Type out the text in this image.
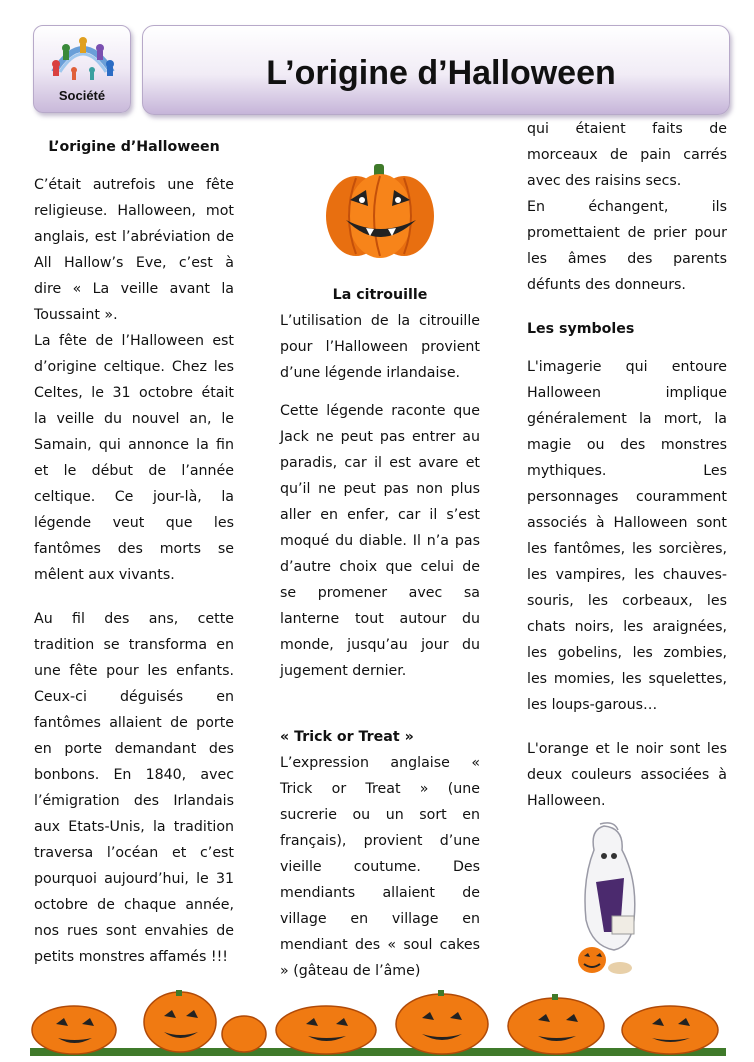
Société
L’origine d’Halloween
L’origine d’Halloween

C’était autrefois une fête religieuse. Halloween, mot anglais, est l’abréviation de All Hallow’s Eve, c’est à dire « La veille avant la Toussaint ».

La fête de l’Halloween est d’origine celtique. Chez les Celtes, le 31 octobre était la veille du nouvel an, le Samain, qui annonce la fin et le début de l’année celtique. Ce jour-là, la légende veut que les fantômes des morts se mêlent aux vivants.

Au fil des ans, cette tradition se transforma en une fête pour les enfants. Ceux-ci déguisés en fantômes allaient de porte en porte demandant des bonbons. En 1840, avec l’émigration des Irlandais aux Etats-Unis, la tradition traversa l’océan et c’est pourquoi aujourd’hui, le 31 octobre de chaque année, nos rues sont envahies de petits monstres affamés !!!

La citrouille

L’utilisation de la citrouille pour l’Halloween provient d’une légende irlandaise.

Cette légende raconte que Jack ne peut pas entrer au paradis, car il est avare et qu’il ne peut pas non plus aller en enfer, car il s’est moqué du diable. Il n’a pas d’autre choix que celui de se promener avec sa lanterne tout autour du monde, jusqu’au jour du jugement dernier.

« Trick or Treat »

L’expression anglaise « Trick or Treat » (une sucrerie ou un sort en français), provient d’une vieille coutume. Des mendiants allaient de village en village en mendiant des « soul cakes » (gâteau de l’âme)

qui étaient faits de morceaux de pain carrés avec des raisins secs.

En échangent, ils promettaient de prier pour les âmes des parents défunts des donneurs.

Les symboles

L'imagerie qui entoure Halloween implique généralement la mort, la magie ou des monstres mythiques. Les personnages couramment associés à Halloween sont les fantômes, les sorcières, les vampires, les chauves-souris, les corbeaux, les chats noirs, les araignées, les gobelins, les zombies, les momies, les squelettes, les loups-garous…

L'orange et le noir sont les deux couleurs associées à Halloween.
